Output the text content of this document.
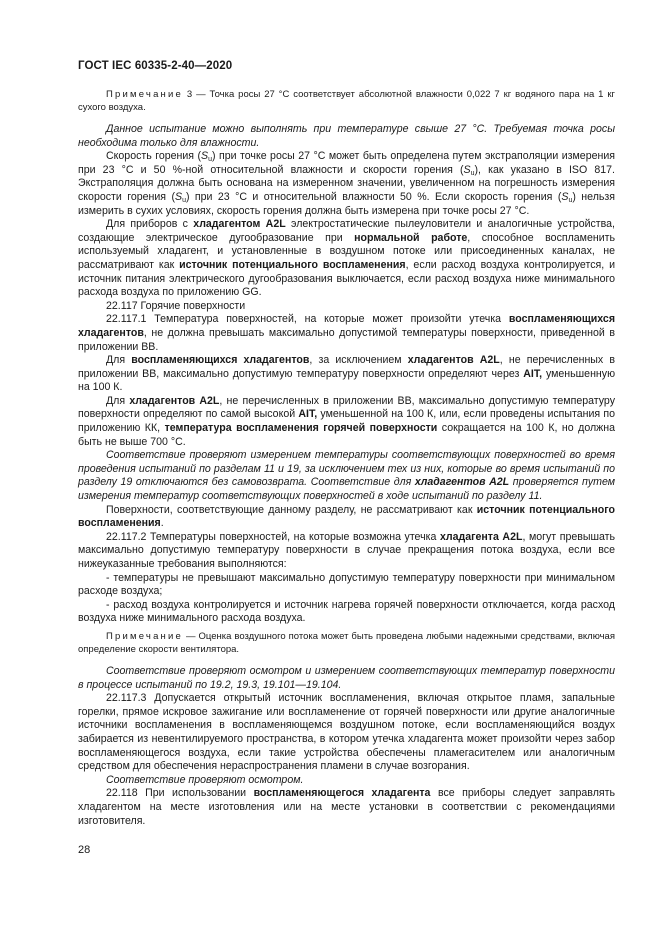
ГОСТ IEC 60335-2-40—2020

Примечание 3 — Точка росы 27 °С соответствует абсолютной влажности 0,022 7 кг водяного пара на 1 кг сухого воздуха.

Данное испытание можно выполнять при температуре свыше 27 °С. Требуемая точка росы необходима только для влажности.

Скорость горения $(S_u)$ при точке росы 27 °С может быть определена путем экстраполяции измерения при 23 °С и 50 %-ной относительной влажности и скорости горения $(S_u)$, как указано в ISO 817. Экстраполяция должна быть основана на измеренном значении, увеличенном на погрешность измерения скорости горения $(S_u)$ при 23 °С и относительной влажности 50 %. Если скорость горения $(S_u)$ нельзя измерить в сухих условиях, скорость горения должна быть измерена при точке росы 27 °С.

Для приборов с хладагентом A2L электростатические пылеуловители и аналогичные устройства, создающие электрическое дугообразование при нормальной работе, способное воспламенить используемый хладагент, и установленные в воздушном потоке или присоединенных каналах, не рассматривают как источник потенциального воспламенения, если расход воздуха контролируется, и источник питания электрического дугообразования выключается, если расход воздуха ниже минимального расхода воздуха по приложению GG.

22.117 Горячие поверхности

22.117.1 Температура поверхностей, на которые может произойти утечка воспламеняющихся хладагентов, не должна превышать максимально допустимой температуры поверхности, приведенной в приложении ВВ.

Для воспламеняющихся хладагентов, за исключением хладагентов A2L, не перечисленных в приложении ВВ, максимально допустимую температуру поверхности определяют через AIT, уменьшенную на 100 К.

Для хладагентов A2L, не перечисленных в приложении ВВ, максимально допустимую температуру поверхности определяют по самой высокой AIT, уменьшенной на 100 К, или, если проведены испытания по приложению КК, температура воспламенения горячей поверхности сокращается на 100 К, но должна быть не выше 700 °С.

Соответствие проверяют измерением температуры соответствующих поверхностей во время проведения испытаний по разделам 11 и 19, за исключением тех из них, которые во время испытаний по разделу 19 отключаются без самовозврата. Соответствие для хладагентов A2L проверяется путем измерения температур соответствующих поверхностей в ходе испытаний по разделу 11.

Поверхности, соответствующие данному разделу, не рассматривают как источник потенциального воспламенения.

22.117.2 Температуры поверхностей, на которые возможна утечка хладагента A2L, могут превышать максимально допустимую температуру поверхности в случае прекращения потока воздуха, если все нижеуказанные требования выполняются:

- температуры не превышают максимально допустимую температуру поверхности при минимальном расходе воздуха;

- расход воздуха контролируется и источник нагрева горячей поверхности отключается, когда расход воздуха ниже минимального расхода воздуха.

Примечание — Оценка воздушного потока может быть проведена любыми надежными средствами, включая определение скорости вентилятора.

Соответствие проверяют осмотром и измерением соответствующих температур поверхности в процессе испытаний по 19.2, 19.3, 19.101—19.104.

22.117.3 Допускается открытый источник воспламенения, включая открытое пламя, запальные горелки, прямое искровое зажигание или воспламенение от горячей поверхности или другие аналогичные источники воспламенения в воспламеняющемся воздушном потоке, если воспламеняющийся воздух забирается из невентилируемого пространства, в котором утечка хладагента может произойти через забор воспламеняющегося воздуха, если такие устройства обеспечены пламегасителем или аналогичным средством для обеспечения нераспространения пламени в случае возгорания.

Соответствие проверяют осмотром.

22.118 При использовании воспламеняющегося хладагента все приборы следует заправлять хладагентом на месте изготовления или на месте установки в соответствии с рекомендациями изготовителя.

28
